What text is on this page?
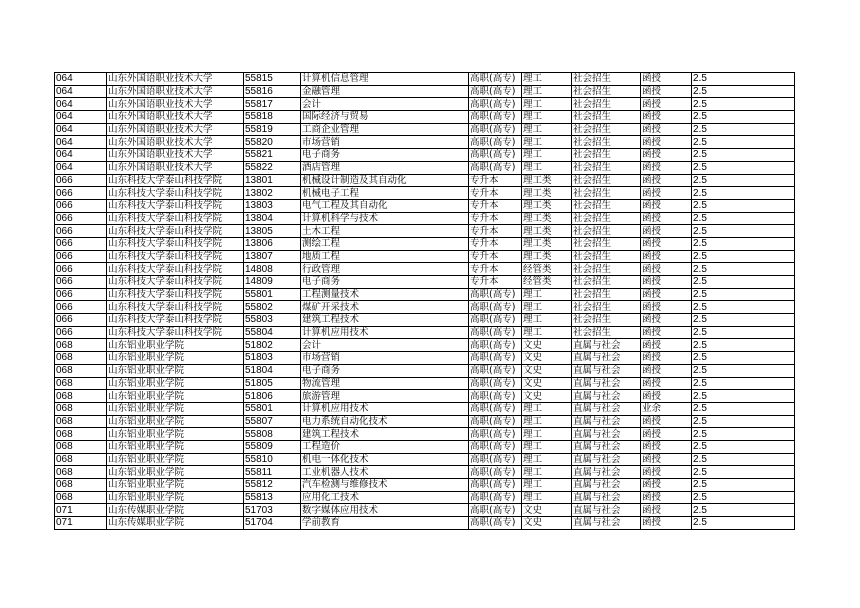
064	山东外国语职业技术大学	55815	计算机信息管理	高职(高专)	理工	社会招生	函授	2.5
064	山东外国语职业技术大学	55816	金融管理	高职(高专)	理工	社会招生	函授	2.5
064	山东外国语职业技术大学	55817	会计	高职(高专)	理工	社会招生	函授	2.5
064	山东外国语职业技术大学	55818	国际经济与贸易	高职(高专)	理工	社会招生	函授	2.5
064	山东外国语职业技术大学	55819	工商企业管理	高职(高专)	理工	社会招生	函授	2.5
064	山东外国语职业技术大学	55820	市场营销	高职(高专)	理工	社会招生	函授	2.5
064	山东外国语职业技术大学	55821	电子商务	高职(高专)	理工	社会招生	函授	2.5
064	山东外国语职业技术大学	55822	酒店管理	高职(高专)	理工	社会招生	函授	2.5
066	山东科技大学泰山科技学院	13801	机械设计制造及其自动化	专升本	理工类	社会招生	函授	2.5
066	山东科技大学泰山科技学院	13802	机械电子工程	专升本	理工类	社会招生	函授	2.5
066	山东科技大学泰山科技学院	13803	电气工程及其自动化	专升本	理工类	社会招生	函授	2.5
066	山东科技大学泰山科技学院	13804	计算机科学与技术	专升本	理工类	社会招生	函授	2.5
066	山东科技大学泰山科技学院	13805	土木工程	专升本	理工类	社会招生	函授	2.5
066	山东科技大学泰山科技学院	13806	测绘工程	专升本	理工类	社会招生	函授	2.5
066	山东科技大学泰山科技学院	13807	地质工程	专升本	理工类	社会招生	函授	2.5
066	山东科技大学泰山科技学院	14808	行政管理	专升本	经管类	社会招生	函授	2.5
066	山东科技大学泰山科技学院	14809	电子商务	专升本	经管类	社会招生	函授	2.5
066	山东科技大学泰山科技学院	55801	工程测量技术	高职(高专)	理工	社会招生	函授	2.5
066	山东科技大学泰山科技学院	55802	煤矿开采技术	高职(高专)	理工	社会招生	函授	2.5
066	山东科技大学泰山科技学院	55803	建筑工程技术	高职(高专)	理工	社会招生	函授	2.5
066	山东科技大学泰山科技学院	55804	计算机应用技术	高职(高专)	理工	社会招生	函授	2.5
068	山东铝业职业学院	51802	会计	高职(高专)	文史	直属与社会	函授	2.5
068	山东铝业职业学院	51803	市场营销	高职(高专)	文史	直属与社会	函授	2.5
068	山东铝业职业学院	51804	电子商务	高职(高专)	文史	直属与社会	函授	2.5
068	山东铝业职业学院	51805	物流管理	高职(高专)	文史	直属与社会	函授	2.5
068	山东铝业职业学院	51806	旅游管理	高职(高专)	文史	直属与社会	函授	2.5
068	山东铝业职业学院	55801	计算机应用技术	高职(高专)	理工	直属与社会	业余	2.5
068	山东铝业职业学院	55807	电力系统自动化技术	高职(高专)	理工	直属与社会	函授	2.5
068	山东铝业职业学院	55808	建筑工程技术	高职(高专)	理工	直属与社会	函授	2.5
068	山东铝业职业学院	55809	工程造价	高职(高专)	理工	直属与社会	函授	2.5
068	山东铝业职业学院	55810	机电一体化技术	高职(高专)	理工	直属与社会	函授	2.5
068	山东铝业职业学院	55811	工业机器人技术	高职(高专)	理工	直属与社会	函授	2.5
068	山东铝业职业学院	55812	汽车检测与维修技术	高职(高专)	理工	直属与社会	函授	2.5
068	山东铝业职业学院	55813	应用化工技术	高职(高专)	理工	直属与社会	函授	2.5
071	山东传媒职业学院	51703	数字媒体应用技术	高职(高专)	文史	直属与社会	函授	2.5
071	山东传媒职业学院	51704	学前教育	高职(高专)	文史	直属与社会	函授	2.5
